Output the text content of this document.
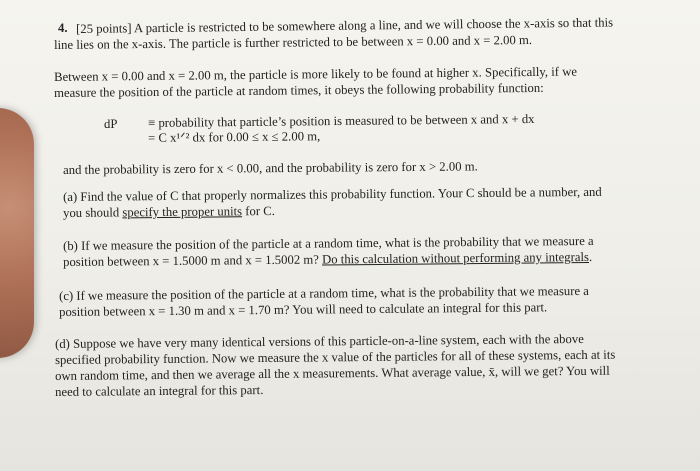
4. [25 points] A particle is restricted to be somewhere along a line, and we will choose the x-axis so that this
line lies on the x-axis. The particle is further restricted to be between x = 0.00 and x = 2.00 m.
Between x = 0.00 and x = 2.00 m, the particle is more likely to be found at higher x. Specifically, if we
measure the position of the particle at random times, it obeys the following probability function:
dP ≡ probability that particle’s position is measured to be between x and x + dx
= C x¹ᐟ² dx for 0.00 ≤ x ≤ 2.00 m,
and the probability is zero for x < 0.00, and the probability is zero for x > 2.00 m.
(a) Find the value of C that properly normalizes this probability function. Your C should be a number, and
you should specify the proper units for C.
(b) If we measure the position of the particle at a random time, what is the probability that we measure a
position between x = 1.5000 m and x = 1.5002 m? Do this calculation without performing any integrals.
(c) If we measure the position of the particle at a random time, what is the probability that we measure a
position between x = 1.30 m and x = 1.70 m? You will need to calculate an integral for this part.
(d) Suppose we have very many identical versions of this particle-on-a-line system, each with the above
specified probability function. Now we measure the x value of the particles for all of these systems, each at its
own random time, and then we average all the x measurements. What average value, x̄, will we get? You will
need to calculate an integral for this part.
